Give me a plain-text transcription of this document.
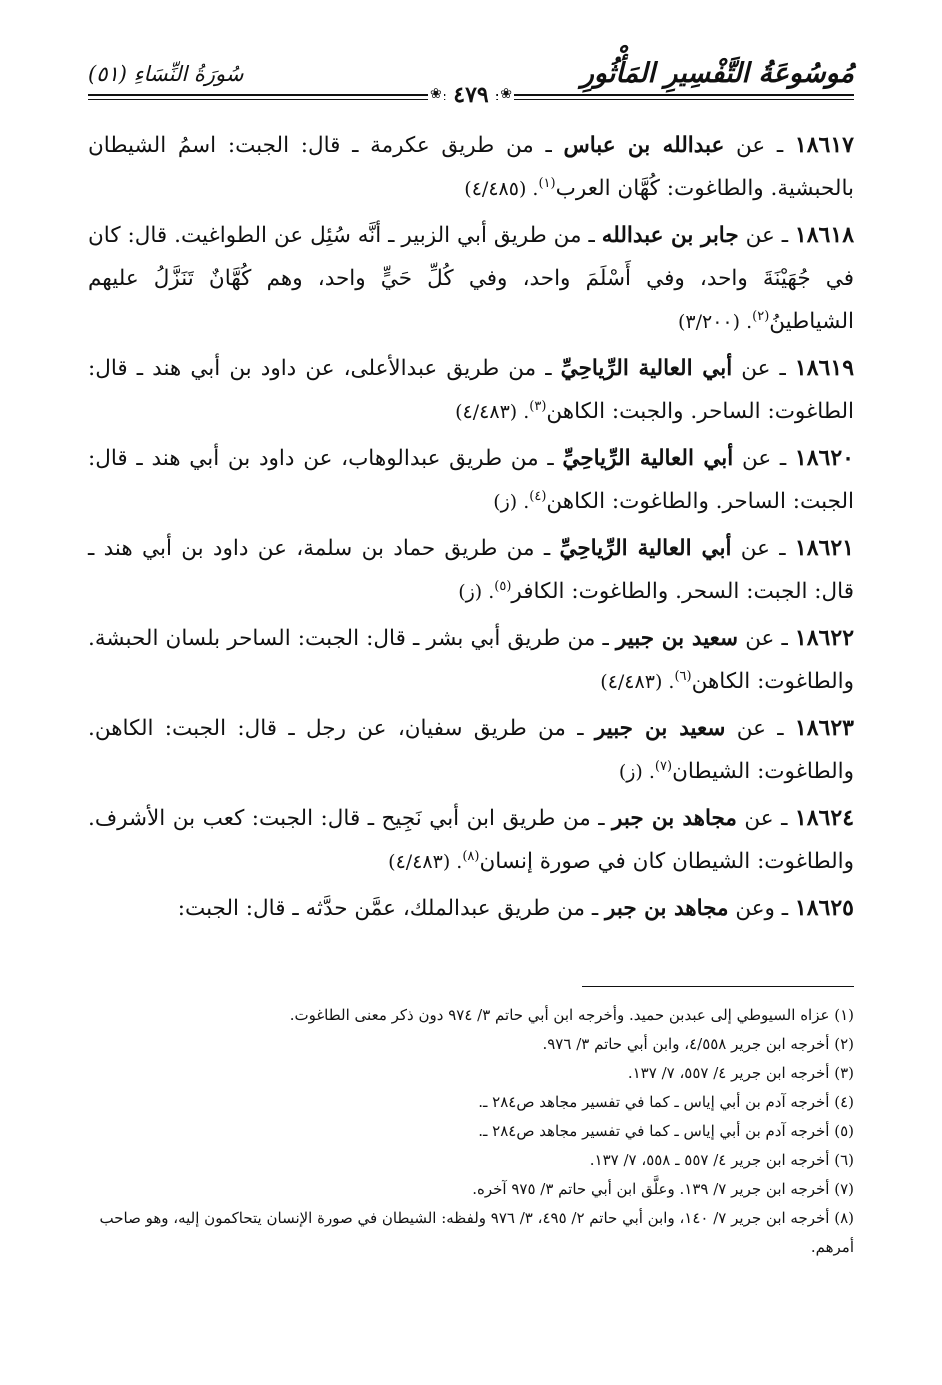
مُوسُوعَةُ التَّفْسِيرِ المَأْثُورِ
سُورَةُ النِّسَاءِ (٥١)
❀
٤٧٩
❀

١٨٦١٧ ـ عن عبدالله بن عباس ـ من طريق عكرمة ـ قال: الجبت: اسمُ الشيطان بالحبشية. والطاغوت: كُهَّان العرب$^{(١)}$. (٤/٤٨٥)

١٨٦١٨ ـ عن جابر بن عبدالله ـ من طريق أبي الزبير ـ أنَّه سُئِل عن الطواغيت. قال: كان في جُهَيْنَةَ واحد، وفي أَسْلَمَ واحد، وفي كُلِّ حَيٍّ واحد، وهم كُهَّانٌ تَنَزَّلُ عليهم الشياطينُ$^{(٢)}$. (٣/٢٠٠)

١٨٦١٩ ـ عن أبي العالية الرِّياحِيِّ ـ من طريق عبدالأعلى، عن داود بن أبي هند ـ قال: الطاغوت: الساحر. والجبت: الكاهن$^{(٣)}$. (٤/٤٨٣)

١٨٦٢٠ ـ عن أبي العالية الرِّياحِيِّ ـ من طريق عبدالوهاب، عن داود بن أبي هند ـ قال: الجبت: الساحر. والطاغوت: الكاهن$^{(٤)}$. (ز)

١٨٦٢١ ـ عن أبي العالية الرِّياحِيِّ ـ من طريق حماد بن سلمة، عن داود بن أبي هند ـ قال: الجبت: السحر. والطاغوت: الكافر$^{(٥)}$. (ز)

١٨٦٢٢ ـ عن سعيد بن جبير ـ من طريق أبي بشر ـ قال: الجبت: الساحر بلسان الحبشة. والطاغوت: الكاهن$^{(٦)}$. (٤/٤٨٣)

١٨٦٢٣ ـ عن سعيد بن جبير ـ من طريق سفيان، عن رجل ـ قال: الجبت: الكاهن. والطاغوت: الشيطان$^{(٧)}$. (ز)

١٨٦٢٤ ـ عن مجاهد بن جبر ـ من طريق ابن أبي نَجِيح ـ قال: الجبت: كعب بن الأشرف. والطاغوت: الشيطان كان في صورة إنسان$^{(٨)}$. (٤/٤٨٣)

١٨٦٢٥ ـ وعن مجاهد بن جبر ـ من طريق عبدالملك، عمَّن حدَّثه ـ قال: الجبت:

(١) عزاه السيوطي إلى عبدبن حميد. وأخرجه ابن أبي حاتم ٣/ ٩٧٤ دون ذكر معنى الطاغوت.

(٢) أخرجه ابن جرير ٤/٥٥٨، وابن أبي حاتم ٣/ ٩٧٦.

(٣) أخرجه ابن جرير ٤/ ٥٥٧، ٧/ ١٣٧.

(٤) أخرجه آدم بن أبي إياس ـ كما في تفسير مجاهد ص٢٨٤ ـ.

(٥) أخرجه آدم بن أبي إياس ـ كما في تفسير مجاهد ص٢٨٤ ـ.

(٦) أخرجه ابن جرير ٤/ ٥٥٧ ـ ٥٥٨، ٧/ ١٣٧.

(٧) أخرجه ابن جرير ٧/ ١٣٩. وعلَّق ابن أبي حاتم ٣/ ٩٧٥ آخره.

(٨) أخرجه ابن جرير ٧/ ١٤٠، وابن أبي حاتم ٢/ ٤٩٥، ٣/ ٩٧٦ ولفظه: الشيطان في صورة الإنسان يتحاكمون إليه، وهو صاحب أمرهم.
